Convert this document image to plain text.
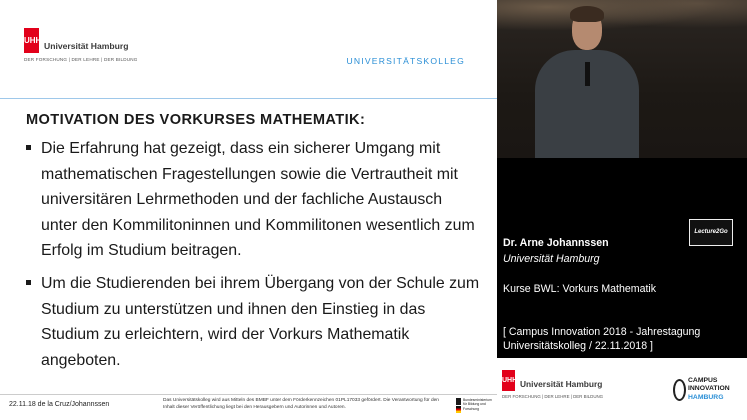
UHH
Universität Hamburg
DER FORSCHUNG | DER LEHRE | DER BILDUNG	UNIVERSITÄTSKOLLEG
MOTIVATION DES VORKURSES MATHEMATIK:
Die Erfahrung hat gezeigt, dass ein sicherer Umgang mit mathematischen Fragestellungen sowie die Vertrautheit mit universitären Lehrmethoden und der fachliche Austausch unter den Kommilitoninnen und Kommilitonen wesentlich zum Erfolg im Studium beitragen.
Um die Studierenden bei ihrem Übergang von der Schule zum Studium zu unterstützen und ihnen den Einstieg in das Studium zu erleichtern, wird der Vorkurs Mathematik angeboten.
22.11.18 de la Cruz/Johannssen
Das Universitätskolleg wird aus Mitteln des BMBF unter dem Förderkennzeichen 01PL17033 gefördert. Die Verantwortung für den Inhalt dieser Veröffentlichung liegt bei den Herausgebern und Autorinnen und Autoren.
Bundesministerium für Bildung und Forschung
Lecture2Go
Dr. Arne Johannssen
Universität Hamburg
Kurse BWL: Vorkurs Mathematik
[ Campus Innovation 2018 - Jahrestagung
Universitätskolleg / 22.11.2018 ]
UHH Universität Hamburg
DER FORSCHUNG | DER LEHRE | DER BILDUNG
CAMPUS
INNOVATION
HAMBURG
